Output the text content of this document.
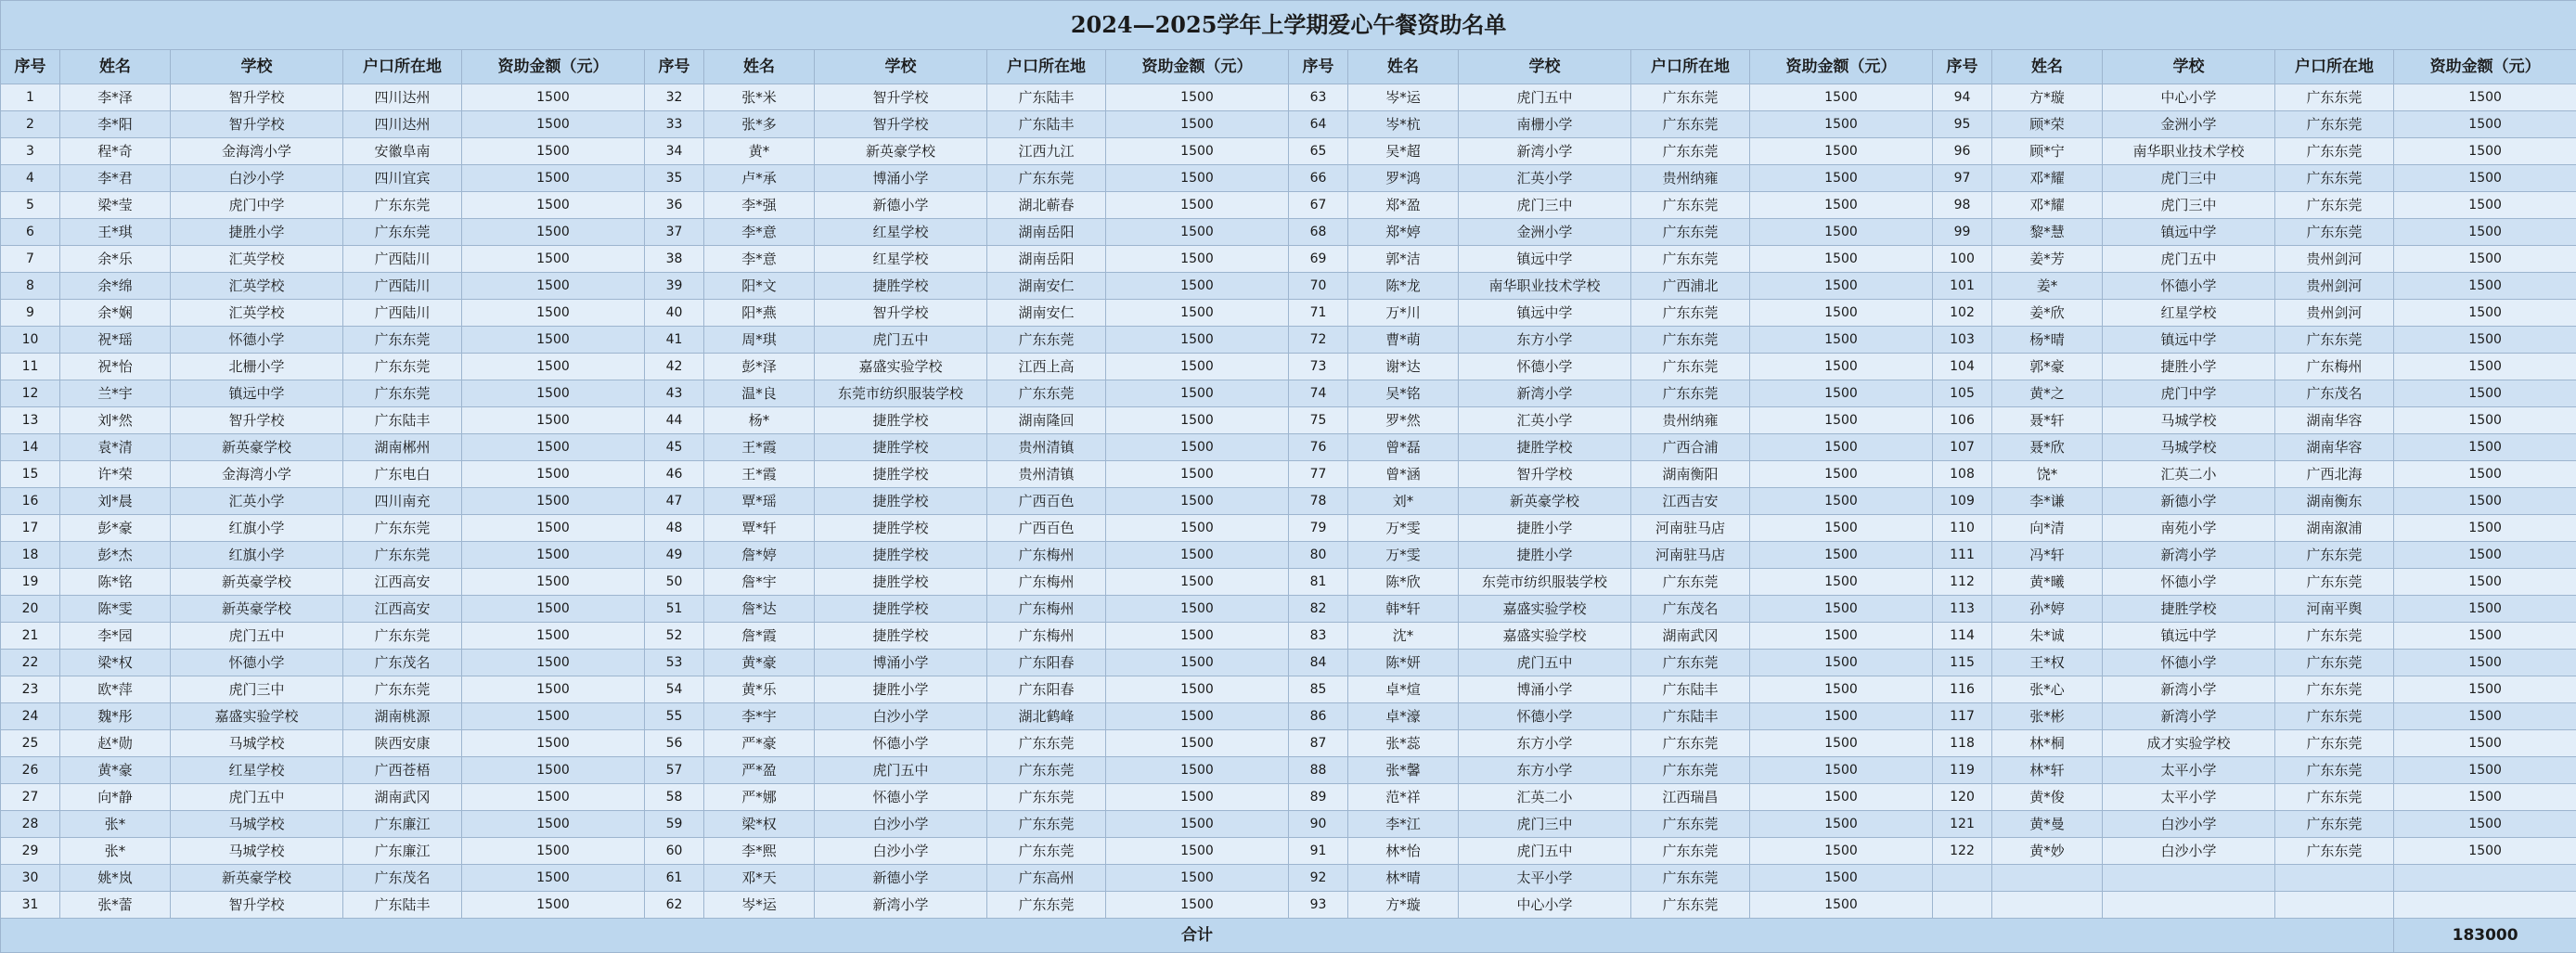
2024—2025学年上学期爱心午餐资助名单																			
序号	姓名	学校	户口所在地	资助金额（元）	序号	姓名	学校	户口所在地	资助金额（元）	序号	姓名	学校	户口所在地	资助金额（元）	序号	姓名	学校	户口所在地	资助金额（元）
1	李*泽	智升学校	四川达州	1500	32	张*米	智升学校	广东陆丰	1500	63	岑*运	虎门五中	广东东莞	1500	94	方*璇	中心小学	广东东莞	1500
2	李*阳	智升学校	四川达州	1500	33	张*多	智升学校	广东陆丰	1500	64	岑*杭	南栅小学	广东东莞	1500	95	顾*荣	金洲小学	广东东莞	1500
3	程*奇	金海湾小学	安徽阜南	1500	34	黄*	新英豪学校	江西九江	1500	65	吴*超	新湾小学	广东东莞	1500	96	顾*宁	南华职业技术学校	广东东莞	1500
4	李*君	白沙小学	四川宜宾	1500	35	卢*承	博涌小学	广东东莞	1500	66	罗*鸿	汇英小学	贵州纳雍	1500	97	邓*耀	虎门三中	广东东莞	1500
5	梁*莹	虎门中学	广东东莞	1500	36	李*强	新德小学	湖北蕲春	1500	67	郑*盈	虎门三中	广东东莞	1500	98	邓*耀	虎门三中	广东东莞	1500
6	王*琪	捷胜小学	广东东莞	1500	37	李*意	红星学校	湖南岳阳	1500	68	郑*婷	金洲小学	广东东莞	1500	99	黎*慧	镇远中学	广东东莞	1500
7	余*乐	汇英学校	广西陆川	1500	38	李*意	红星学校	湖南岳阳	1500	69	郭*洁	镇远中学	广东东莞	1500	100	姜*芳	虎门五中	贵州剑河	1500
8	余*绵	汇英学校	广西陆川	1500	39	阳*文	捷胜学校	湖南安仁	1500	70	陈*龙	南华职业技术学校	广西浦北	1500	101	姜*	怀德小学	贵州剑河	1500
9	余*娴	汇英学校	广西陆川	1500	40	阳*燕	智升学校	湖南安仁	1500	71	万*川	镇远中学	广东东莞	1500	102	姜*欣	红星学校	贵州剑河	1500
10	祝*瑶	怀德小学	广东东莞	1500	41	周*琪	虎门五中	广东东莞	1500	72	曹*萌	东方小学	广东东莞	1500	103	杨*晴	镇远中学	广东东莞	1500
11	祝*怡	北栅小学	广东东莞	1500	42	彭*泽	嘉盛实验学校	江西上高	1500	73	谢*达	怀德小学	广东东莞	1500	104	郭*豪	捷胜小学	广东梅州	1500
12	兰*宇	镇远中学	广东东莞	1500	43	温*良	东莞市纺织服装学校	广东东莞	1500	74	吴*铭	新湾小学	广东东莞	1500	105	黄*之	虎门中学	广东茂名	1500
13	刘*然	智升学校	广东陆丰	1500	44	杨*	捷胜学校	湖南隆回	1500	75	罗*然	汇英小学	贵州纳雍	1500	106	聂*轩	马城学校	湖南华容	1500
14	袁*清	新英豪学校	湖南郴州	1500	45	王*霞	捷胜学校	贵州清镇	1500	76	曾*磊	捷胜学校	广西合浦	1500	107	聂*欣	马城学校	湖南华容	1500
15	许*荣	金海湾小学	广东电白	1500	46	王*霞	捷胜学校	贵州清镇	1500	77	曾*涵	智升学校	湖南衡阳	1500	108	饶*	汇英二小	广西北海	1500
16	刘*晨	汇英小学	四川南充	1500	47	覃*瑶	捷胜学校	广西百色	1500	78	刘*	新英豪学校	江西吉安	1500	109	李*谦	新德小学	湖南衡东	1500
17	彭*豪	红旗小学	广东东莞	1500	48	覃*轩	捷胜学校	广西百色	1500	79	万*雯	捷胜小学	河南驻马店	1500	110	向*清	南苑小学	湖南溆浦	1500
18	彭*杰	红旗小学	广东东莞	1500	49	詹*婷	捷胜学校	广东梅州	1500	80	万*雯	捷胜小学	河南驻马店	1500	111	冯*轩	新湾小学	广东东莞	1500
19	陈*铭	新英豪学校	江西高安	1500	50	詹*宇	捷胜学校	广东梅州	1500	81	陈*欣	东莞市纺织服装学校	广东东莞	1500	112	黄*曦	怀德小学	广东东莞	1500
20	陈*雯	新英豪学校	江西高安	1500	51	詹*达	捷胜学校	广东梅州	1500	82	韩*轩	嘉盛实验学校	广东茂名	1500	113	孙*婷	捷胜学校	河南平舆	1500
21	李*园	虎门五中	广东东莞	1500	52	詹*霞	捷胜学校	广东梅州	1500	83	沈*	嘉盛实验学校	湖南武冈	1500	114	朱*诚	镇远中学	广东东莞	1500
22	梁*权	怀德小学	广东茂名	1500	53	黄*豪	博涌小学	广东阳春	1500	84	陈*妍	虎门五中	广东东莞	1500	115	王*权	怀德小学	广东东莞	1500
23	欧*萍	虎门三中	广东东莞	1500	54	黄*乐	捷胜小学	广东阳春	1500	85	卓*煊	博涌小学	广东陆丰	1500	116	张*心	新湾小学	广东东莞	1500
24	魏*彤	嘉盛实验学校	湖南桃源	1500	55	李*宇	白沙小学	湖北鹤峰	1500	86	卓*濠	怀德小学	广东陆丰	1500	117	张*彬	新湾小学	广东东莞	1500
25	赵*勋	马城学校	陕西安康	1500	56	严*豪	怀德小学	广东东莞	1500	87	张*蕊	东方小学	广东东莞	1500	118	林*桐	成才实验学校	广东东莞	1500
26	黄*豪	红星学校	广西苍梧	1500	57	严*盈	虎门五中	广东东莞	1500	88	张*馨	东方小学	广东东莞	1500	119	林*轩	太平小学	广东东莞	1500
27	向*静	虎门五中	湖南武冈	1500	58	严*娜	怀德小学	广东东莞	1500	89	范*祥	汇英二小	江西瑞昌	1500	120	黄*俊	太平小学	广东东莞	1500
28	张*	马城学校	广东廉江	1500	59	梁*权	白沙小学	广东东莞	1500	90	李*江	虎门三中	广东东莞	1500	121	黄*曼	白沙小学	广东东莞	1500
29	张*	马城学校	广东廉江	1500	60	李*熙	白沙小学	广东东莞	1500	91	林*怡	虎门五中	广东东莞	1500	122	黄*妙	白沙小学	广东东莞	1500
30	姚*岚	新英豪学校	广东茂名	1500	61	邓*天	新德小学	广东高州	1500	92	林*晴	太平小学	广东东莞	1500					
31	张*蕾	智升学校	广东陆丰	1500	62	岑*运	新湾小学	广东东莞	1500	93	方*璇	中心小学	广东东莞	1500					
合计																			183000
